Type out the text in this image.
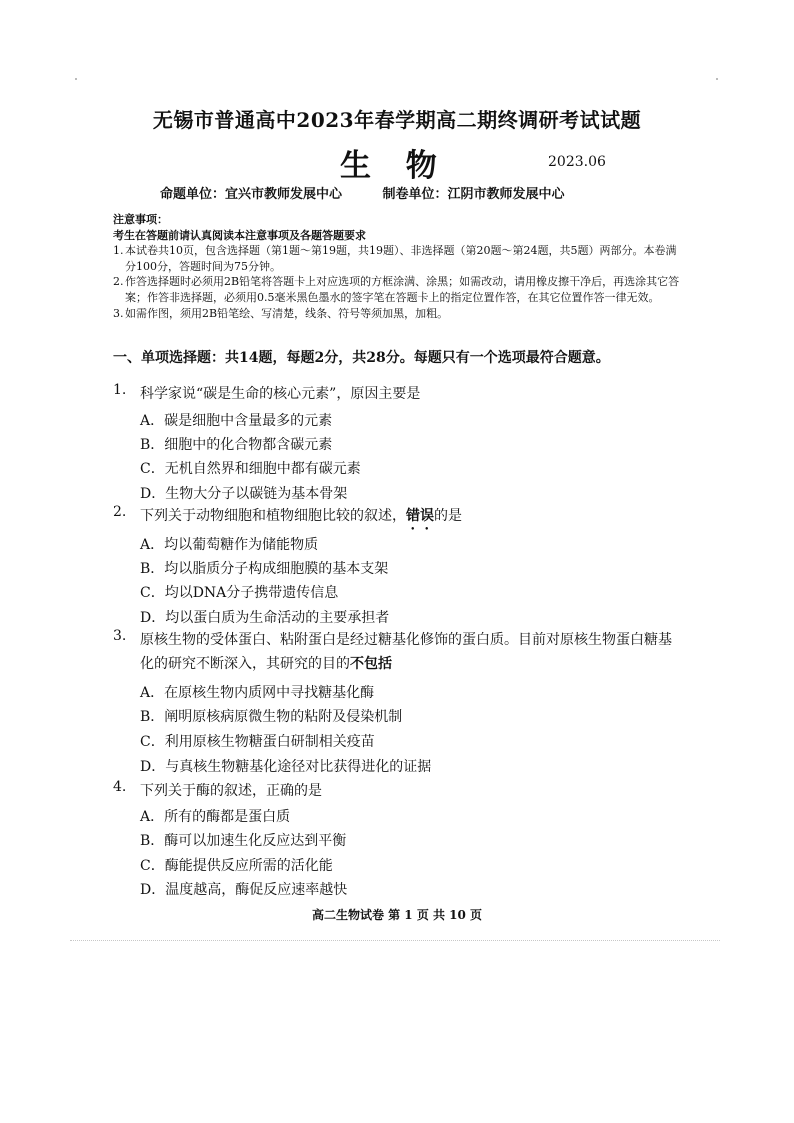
无锡市普通高中2023年春学期高二期终调研考试试题
生 物	2023.06
命题单位：宜兴市教师发展中心	制卷单位：江阴市教师发展中心
注意事项：
考生在答题前请认真阅读本注意事项及各题答题要求
1. 本试卷共10页，包含选择题（第1题～第19题，共19题）、非选择题（第20题～第24题，共5题）两部分。本卷满分100分，答题时间为75分钟。
2. 作答选择题时必须用2B铅笔将答题卡上对应选项的方框涂满、涂黑；如需改动，请用橡皮擦干净后，再选涂其它答案；作答非选择题，必须用0.5毫米黑色墨水的签字笔在答题卡上的指定位置作答，在其它位置作答一律无效。
3. 如需作图，须用2B铅笔绘、写清楚，线条、符号等须加黑，加粗。
一、单项选择题：共14题，每题2分，共28分。每题只有一个选项最符合题意。
1. 科学家说“碳是生命的核心元素”，原因主要是
A．碳是细胞中含量最多的元素
B．细胞中的化合物都含碳元素
C．无机自然界和细胞中都有碳元素
D．生物大分子以碳链为基本骨架
2. 下列关于动物细胞和植物细胞比较的叙述，错误的是
A．均以葡萄糖作为储能物质
B．均以脂质分子构成细胞膜的基本支架
C．均以DNA分子携带遗传信息
D．均以蛋白质为生命活动的主要承担者
3. 原核生物的受体蛋白、粘附蛋白是经过糖基化修饰的蛋白质。目前对原核生物蛋白糖基化的研究不断深入，其研究的目的不包括
A．在原核生物内质网中寻找糖基化酶
B．阐明原核病原微生物的粘附及侵染机制
C．利用原核生物糖蛋白研制相关疫苗
D．与真核生物糖基化途径对比获得进化的证据
4. 下列关于酶的叙述，正确的是
A．所有的酶都是蛋白质
B．酶可以加速生化反应达到平衡
C．酶能提供反应所需的活化能
D．温度越高，酶促反应速率越快
高二生物试卷 第 1 页 共 10 页
